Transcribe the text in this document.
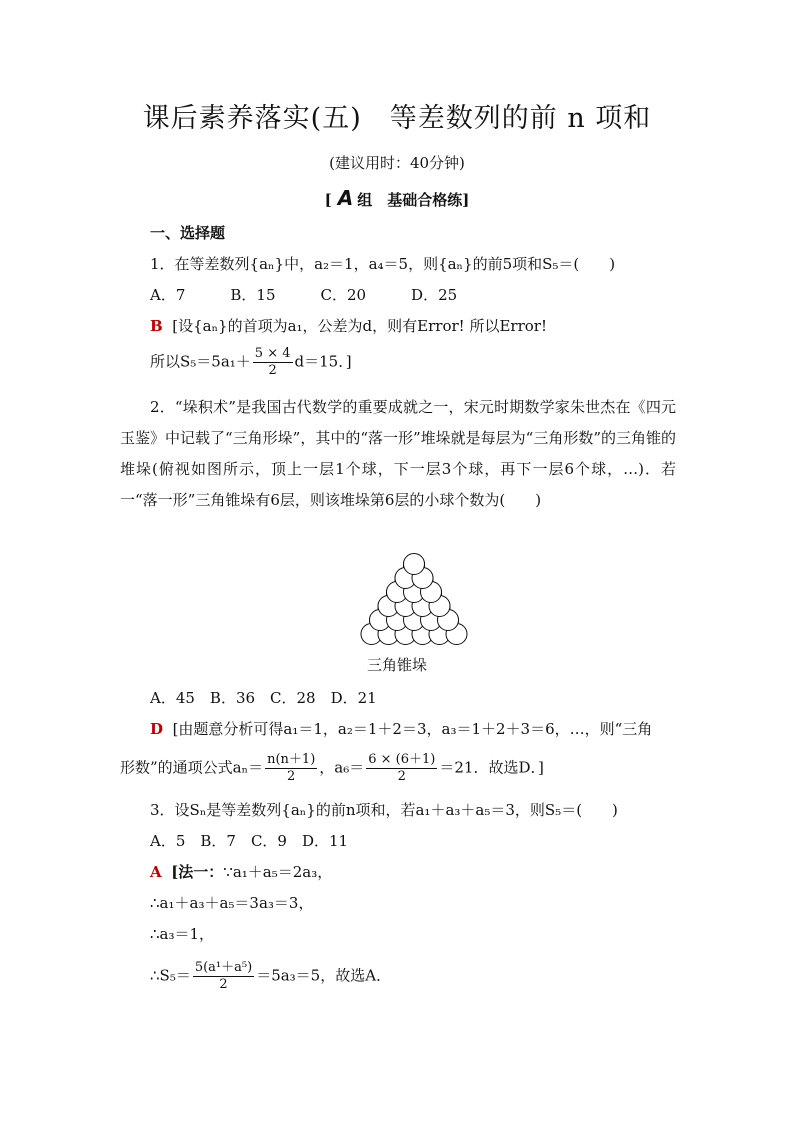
课后素养落实(五)　等差数列的前 n 项和
(建议用时：40分钟)
[ A 组　基础合格练]
一、选择题
1．在等差数列{aₙ}中，a₂＝1，a₄＝5，则{aₙ}的前5项和S₅＝(　　)
A．7　　　B．15　　　C．20　　　D．25
B [设{aₙ}的首项为a₁，公差为d，则有Error! 所以Error!
所以$S_5=5a_1+ \frac{5 \times 4}{2} d=15$．]
2．“垛积术”是我国古代数学的重要成就之一，宋元时期数学家朱世杰在《四元玉鉴》中记载了“三角形垛”，其中的“落一形”堆垛就是每层为“三角形数”的三角锥的堆垛(俯视如图所示，顶上一层1个球，下一层3个球，再下一层6个球，…)．若一“落一形”三角锥垛有6层，则该堆垛第6层的小球个数为(　　)
三角锥垛
A．45　B．36　C．28　D．21
D [由题意分析可得a₁＝1，a₂＝1＋2＝3，a₃＝1＋2＋3＝6，…，则“三角
形数”的通项公式$a_n= \frac{n(n+1)}{2}$ ，$a_6= \frac{6 \times (6+1)}{2} =21$．故选D．]
3．设Sₙ是等差数列{aₙ}的前n项和，若a₁＋a₃＋a₅＝3，则S₅＝(　　)
A．5　B．7　C．9　D．11
A [法一：∵a₁＋a₅＝2a₃，
∴a₁＋a₃＋a₅＝3a₃＝3，
∴a₃＝1，
∴S₅＝ $\frac{\text{5(a¹＋a⁵)}}{2} =5a_3=5$，故选A．
